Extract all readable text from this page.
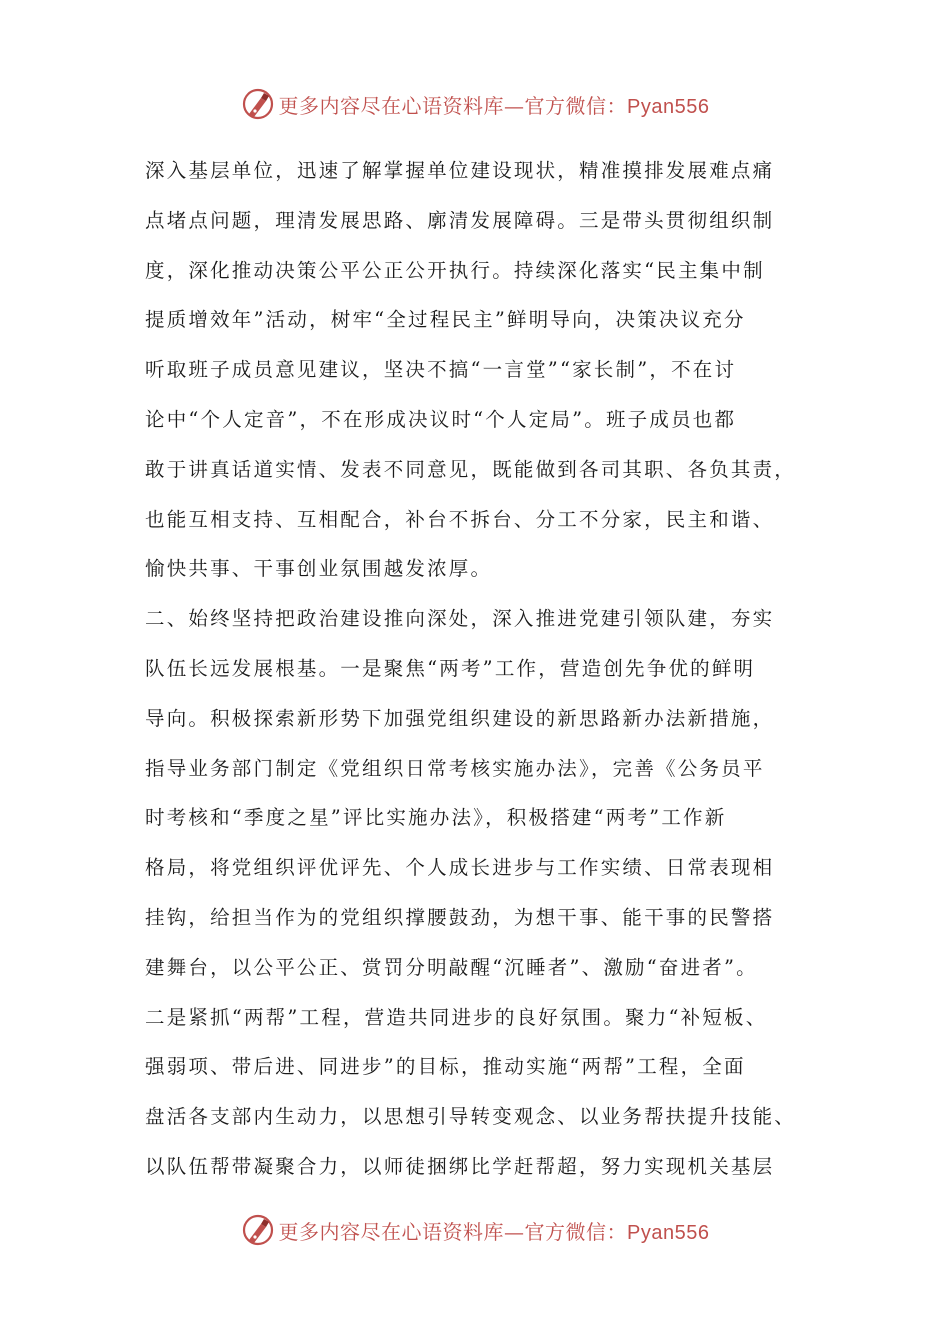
更多内容尽在心语资料库—官方微信：Pyan556
深入基层单位，迅速了解掌握单位建设现状，精准摸排发展难点痛
点堵点问题，理清发展思路、廓清发展障碍。三是带头贯彻组织制
度，深化推动决策公平公正公开执行。持续深化落实“民主集中制
提质增效年”活动，树牢“全过程民主”鲜明导向，决策决议充分
听取班子成员意见建议，坚决不搞“一言堂”“家长制”，不在讨
论中“个人定音”，不在形成决议时“个人定局”。班子成员也都
敢于讲真话道实情、发表不同意见，既能做到各司其职、各负其责，
也能互相支持、互相配合，补台不拆台、分工不分家，民主和谐、
愉快共事、干事创业氛围越发浓厚。
二、始终坚持把政治建设推向深处，深入推进党建引领队建，夯实
队伍长远发展根基。一是聚焦“两考”工作，营造创先争优的鲜明
导向。积极探索新形势下加强党组织建设的新思路新办法新措施，
指导业务部门制定《党组织日常考核实施办法》，完善《公务员平
时考核和“季度之星”评比实施办法》，积极搭建“两考”工作新
格局，将党组织评优评先、个人成长进步与工作实绩、日常表现相
挂钩，给担当作为的党组织撑腰鼓劲，为想干事、能干事的民警搭
建舞台，以公平公正、赏罚分明敲醒“沉睡者”、激励“奋进者”。
二是紧抓“两帮”工程，营造共同进步的良好氛围。聚力“补短板、
强弱项、带后进、同进步”的目标，推动实施“两帮”工程，全面
盘活各支部内生动力，以思想引导转变观念、以业务帮扶提升技能、
以队伍帮带凝聚合力，以师徒捆绑比学赶帮超，努力实现机关基层
更多内容尽在心语资料库—官方微信：Pyan556
